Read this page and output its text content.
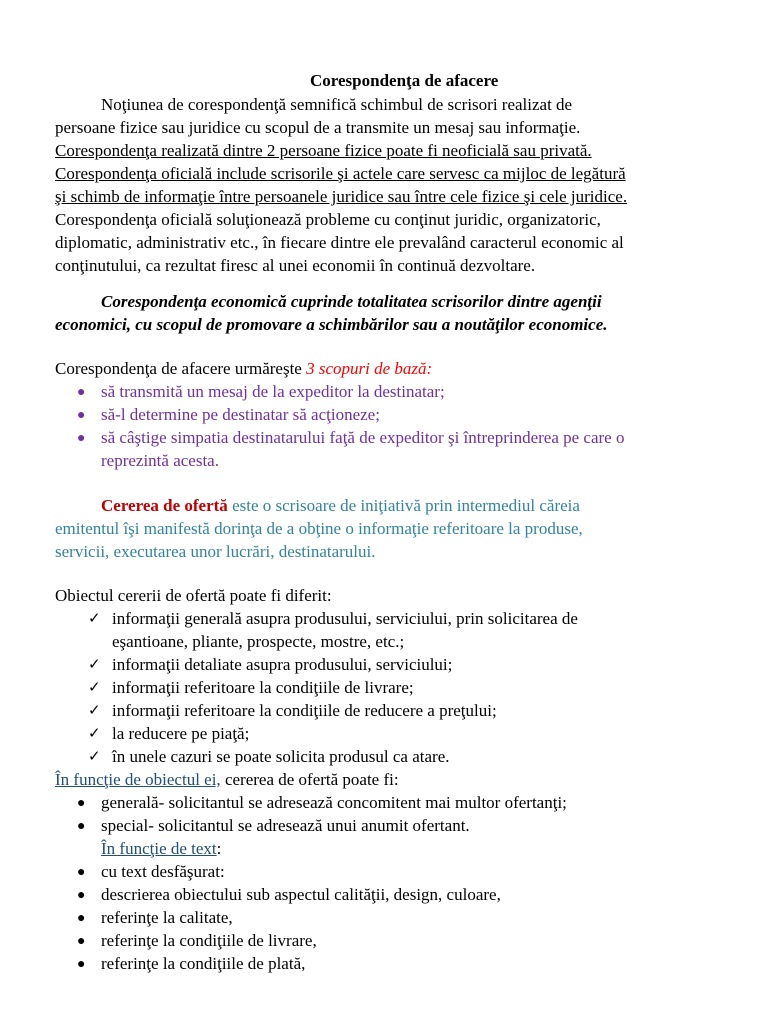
Corespondenţa de afacere
Noţiunea de corespondenţă semnifică schimbul de scrisori realizat de
persoane fizice sau juridice cu scopul de a transmite un mesaj sau informaţie.
Corespondenţa realizată dintre 2 persoane fizice poate fi neoficială sau privată.
Corespondenţa oficială include scrisorile şi actele care servesc ca mijloc de legătură
şi schimb de informaţie între persoanele juridice sau între cele fizice şi cele juridice.
Corespondenţa oficială soluţionează probleme cu conţinut juridic, organizatoric,
diplomatic, administrativ etc., în fiecare dintre ele prevalând caracterul economic al
conţinutului, ca rezultat firesc al unei economii în continuă dezvoltare.
Corespondenţa economică cuprinde totalitatea scrisorilor dintre agenţii
economici, cu scopul de promovare a schimbărilor sau a noutăţilor economice.
Corespondenţa de afacere urmăreşte 3 scopuri de bază:
● să transmită un mesaj de la expeditor la destinatar;
● să-l determine pe destinatar să acţioneze;
● să câştige simpatia destinatarului faţă de expeditor şi întreprinderea pe care o
reprezintă acesta.
Cererea de ofertă este o scrisoare de iniţiativă prin intermediul căreia
emitentul îşi manifestă dorinţa de a obţine o informaţie referitoare la produse,
servicii, executarea unor lucrări, destinatarului.
Obiectul cererii de ofertă poate fi diferit:
✓ informaţii generală asupra produsului, serviciului, prin solicitarea de
eşantioane, pliante, prospecte, mostre, etc.;
✓ informaţii detaliate asupra produsului, serviciului;
✓ informaţii referitoare la condiţiile de livrare;
✓ informaţii referitoare la condiţiile de reducere a preţului;
✓ la reducere pe piaţă;
✓ în unele cazuri se poate solicita produsul ca atare.
În funcţie de obiectul ei, cererea de ofertă poate fi:
● generală- solicitantul se adresează concomitent mai multor ofertanţi;
● special- solicitantul se adresează unui anumit ofertant.
În funcţie de text:
● cu text desfăşurat:
● descrierea obiectului sub aspectul calităţii, design, culoare,
● referinţe la calitate,
● referinţe la condiţiile de livrare,
● referinţe la condiţiile de plată,
